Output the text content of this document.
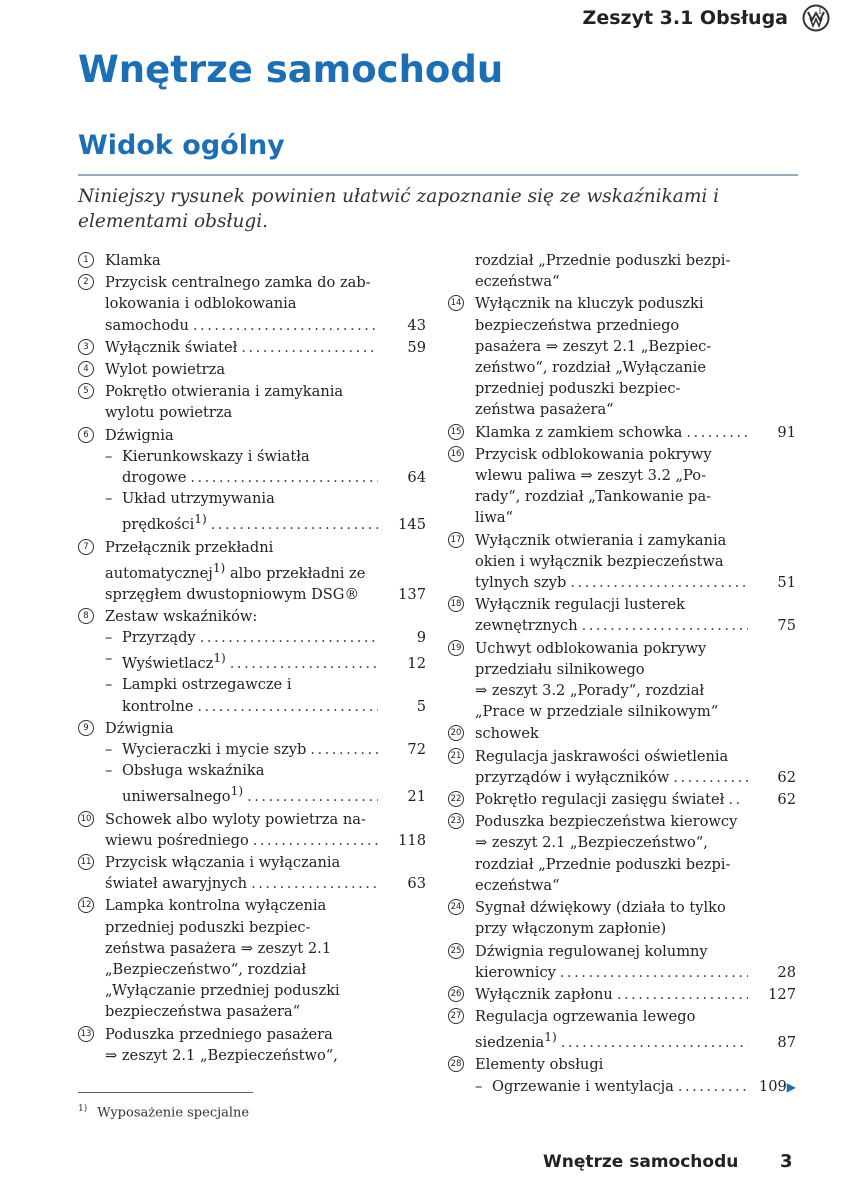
Zeszyt 3.1 Obsługa	I
Wnętrze samochodu
Widok ogólny

Niniejszy rysunek powinien ułatwić zapoznanie się ze wskaźnikami i elementami obsługi.

1	Klamka
2	Przycisk centralnego zamka do zab-
lokowania i odblokowania
samochodu .....	43
3	Wyłącznik świateł .....	59
4	Wylot powietrza
5	Pokrętło otwierania i zamykania
wylotu powietrza
6	Dźwignia
– Kierunkowskazy i światła
drogowe .....	64
– Układ utrzymywania
prędkości$^{1)}$ .....	145
7	Przełącznik przekładni
automatycznej$^{1)}$ albo przekładni ze
sprzęgłem dwustopniowym DSG®	137
8	Zestaw wskaźników:
– Przyrządy .....	9
– Wyświetlacz$^{1)}$ .....	12
– Lampki ostrzegawcze i
kontrolne .....	5
9	Dźwignia
– Wycieraczki i mycie szyb .....	72
– Obsługa wskaźnika
uniwersalnego$^{1)}$ .....	21
10 Schowek albo wyloty powietrza na-
wiewu pośredniego .....	118
11 Przycisk włączania i wyłączania
świateł awaryjnych .....	63
12 Lampka kontrolna wyłączenia
przedniej poduszki bezpiec-
zeństwa pasażera ⇒ zeszyt 2.1
„Bezpieczeństwo“, rozdział
„Wyłączanie przedniej poduszki
bezpieczeństwa pasażera“
13 Poduszka przedniego pasażera
⇒ zeszyt 2.1 „Bezpieczeństwo“,
rozdział „Przednie poduszki bezpi-
eczeństwa“
14 Wyłącznik na kluczyk poduszki
bezpieczeństwa przedniego
pasażera ⇒ zeszyt 2.1 „Bezpiec-
zeństwo“, rozdział „Wyłączanie
przedniej poduszki bezpiec-
zeństwa pasażera“
15 Klamka z zamkiem schowka .....	91
16 Przycisk odblokowania pokrywy
wlewu paliwa ⇒ zeszyt 3.2 „Po-
rady“, rozdział „Tankowanie pa-
liwa“
17 Wyłącznik otwierania i zamykania
okien i wyłącznik bezpieczeństwa
tylnych szyb .....	51
18 Wyłącznik regulacji lusterek
zewnętrznych .....	75
19 Uchwyt odblokowania pokrywy
przedziału silnikowego
⇒ zeszyt 3.2 „Porady“, rozdział
„Prace w przedziale silnikowym“
20 schowek
21 Regulacja jaskrawości oświetlenia
przyrządów i wyłączników .....	62
22 Pokrętło regulacji zasięgu świateł .....	62
23 Poduszka bezpieczeństwa kierowcy
⇒ zeszyt 2.1 „Bezpieczeństwo“,
rozdział „Przednie poduszki bezpi-
eczeństwa“
24 Sygnał dźwiękowy (działa to tylko
przy włączonym zapłonie)
25 Dźwignia regulowanej kolumny
kierownicy .....	28
26 Wyłącznik zapłonu .....	127
27 Regulacja ogrzewania lewego
siedzenia$^{1)}$ .....	87
28 Elementy obsługi
– Ogrzewanie i wentylacja .....	109▶
$^{1)}$ Wyposażenie specjalne
Wnętrze samochodu 3
